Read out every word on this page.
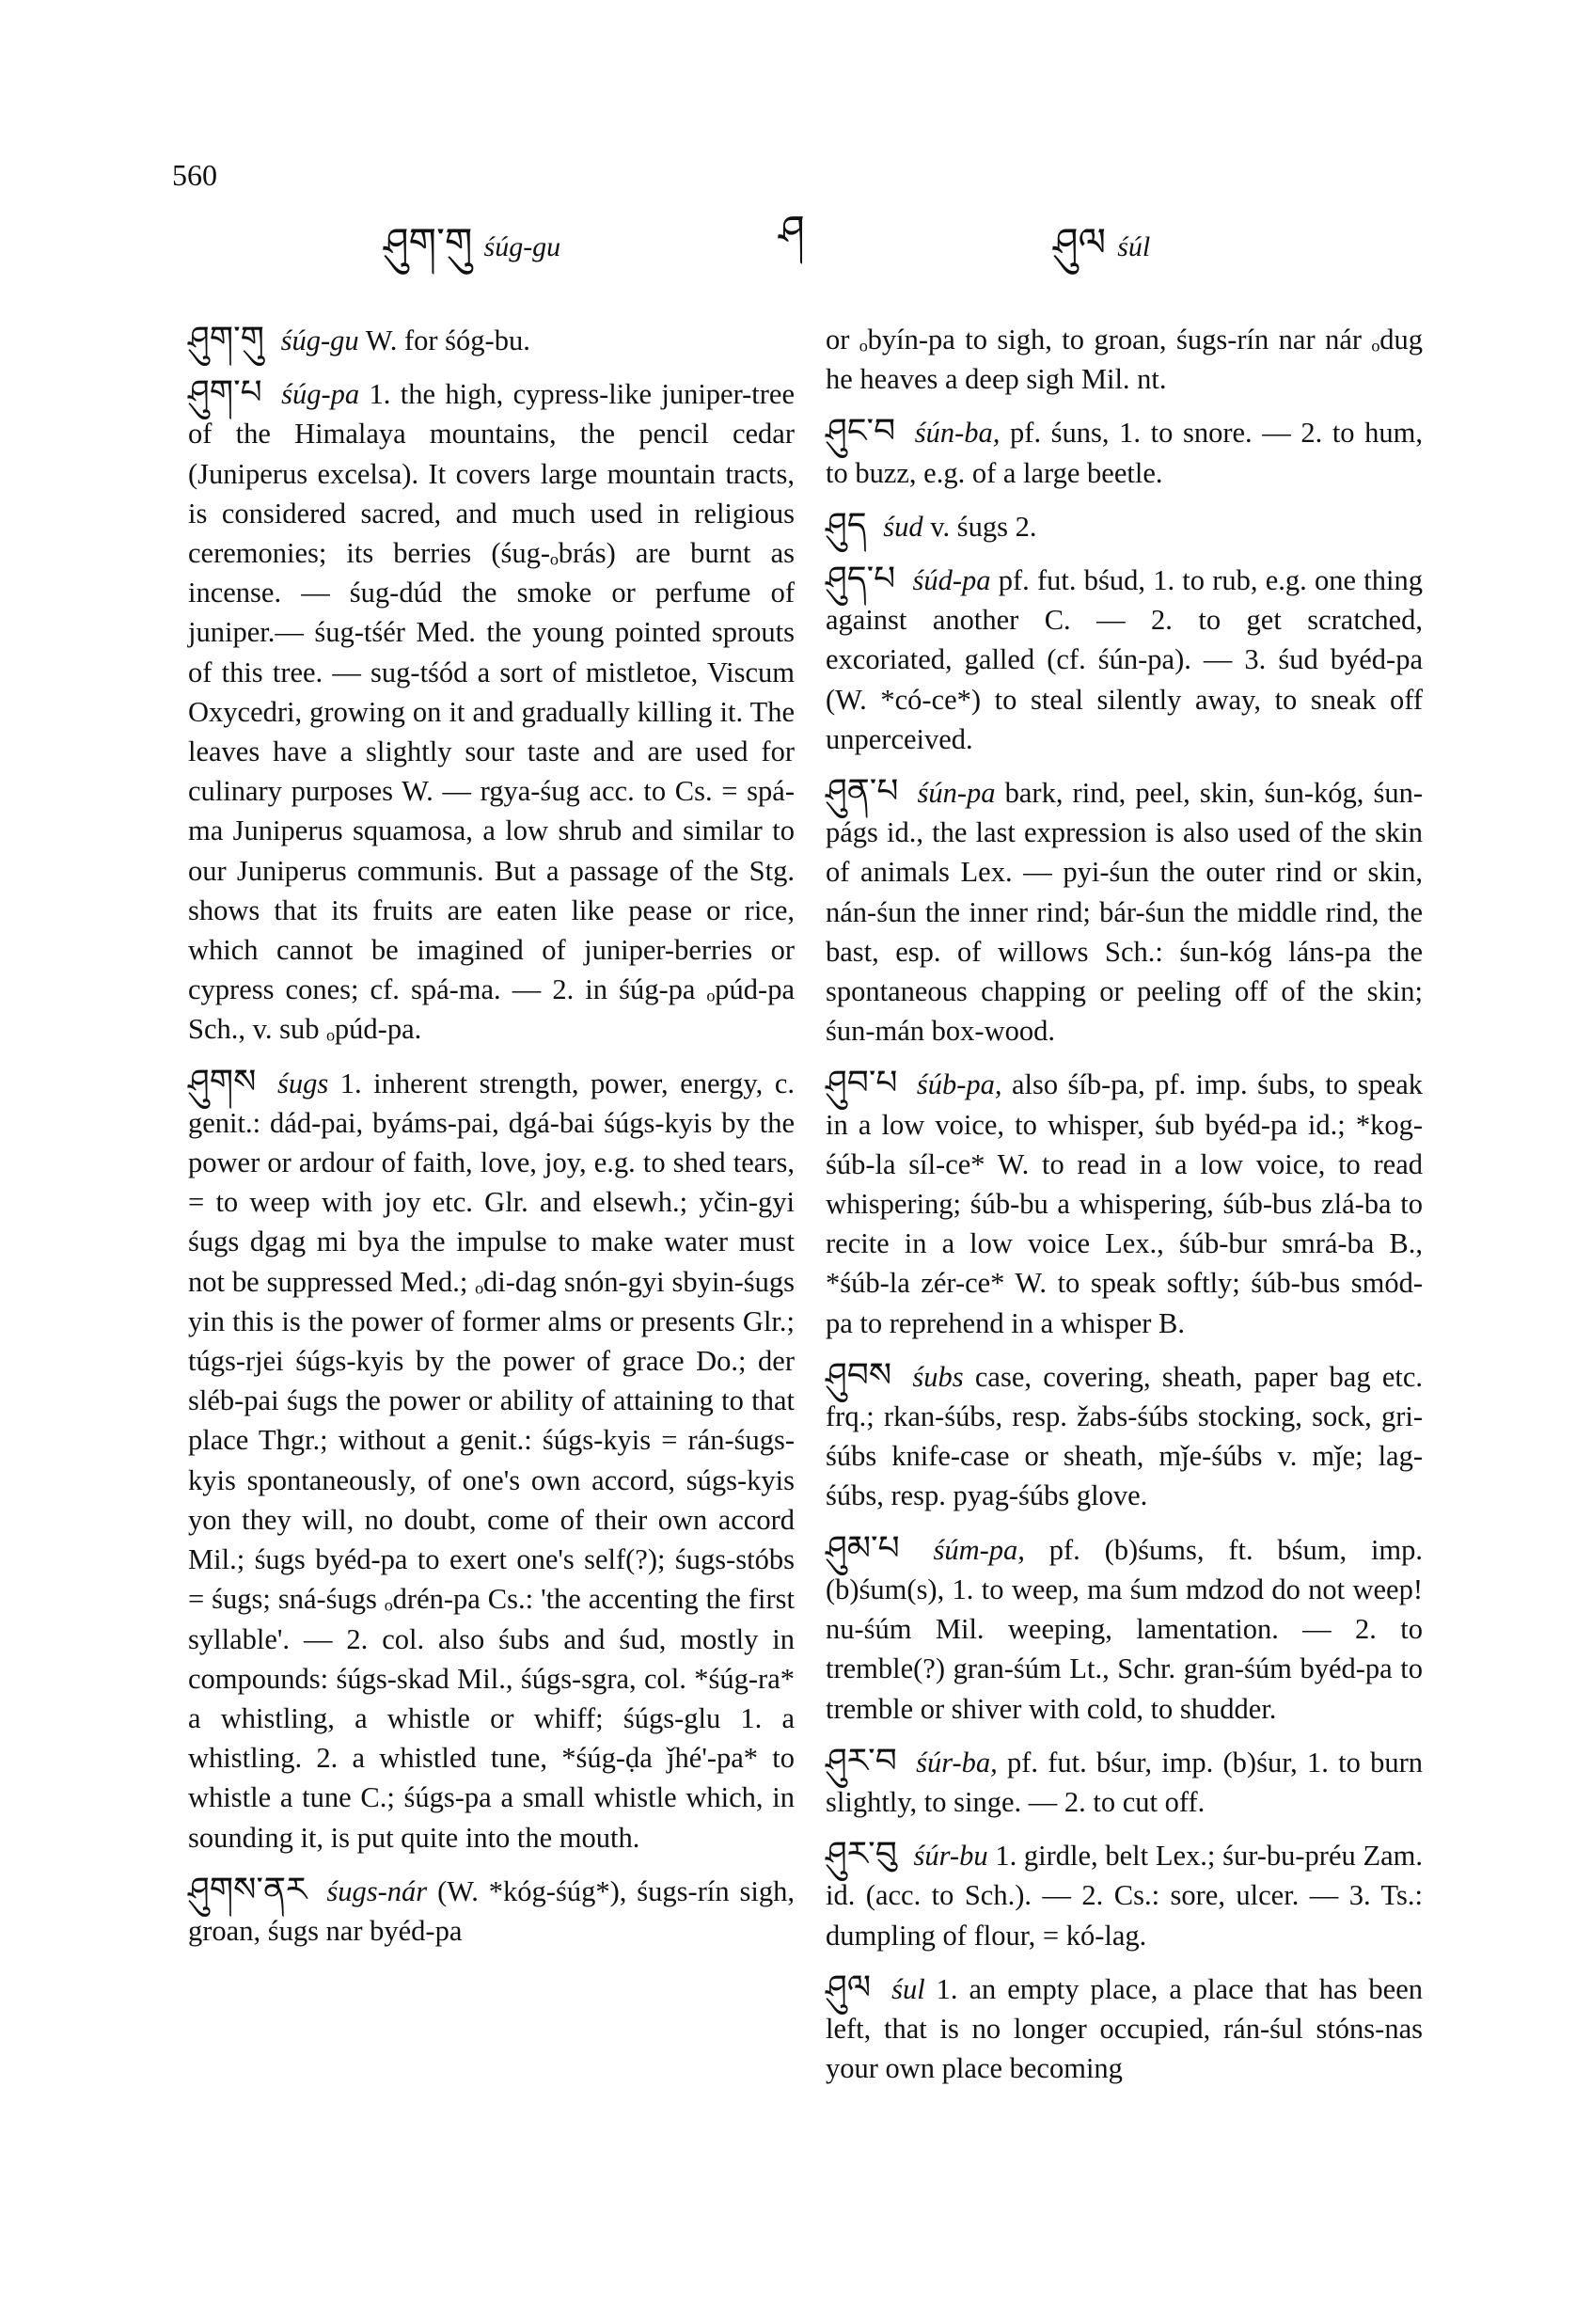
560
ཤུག་གུ śúg-gu	ཤ	ཤུལ śúl

ཤུག་གུ śúg-gu W. for śóg-bu.

ཤུག་པ śúg-pa 1. the high, cypress-like juniper-tree of the Himalaya mountains, the pencil cedar (Juniperus excelsa). It covers large mountain tracts, is considered sacred, and much used in religious ceremonies; its berries (śug-ₒbrás) are burnt as incense. — śug-dúd the smoke or perfume of juniper.— śug-tśér Med. the young pointed sprouts of this tree. — sug-tśód a sort of mistletoe, Viscum Oxycedri, growing on it and gradually killing it. The leaves have a slightly sour taste and are used for culinary purposes W. — rgya-śug acc. to Cs. = spá-ma Juniperus squamosa, a low shrub and similar to our Juniperus communis. But a passage of the Stg. shows that its fruits are eaten like pease or rice, which cannot be imagined of juniper-berries or cypress cones; cf. spá-ma. — 2. in śúg-pa ₒpúd-pa Sch., v. sub ₒpúd-pa.

ཤུགས śugs 1. inherent strength, power, energy, c. genit.: dád-pai, byáms-pai, dgá-bai śúgs-kyis by the power or ardour of faith, love, joy, e.g. to shed tears, = to weep with joy etc. Glr. and elsewh.; yčin-gyi śugs dgag mi bya the impulse to make water must not be suppressed Med.; ₒdi-dag snón-gyi sbyin-śugs yin this is the power of former alms or presents Glr.; túgs-rjei śúgs-kyis by the power of grace Do.; der sléb-pai śugs the power or ability of attaining to that place Thgr.; without a genit.: śúgs-kyis = rán-śugs-kyis spontaneously, of one's own accord, súgs-kyis yon they will, no doubt, come of their own accord Mil.; śugs byéd-pa to exert one's self(?); śugs-stóbs = śugs; sná-śugs ₒdrén-pa Cs.: 'the accenting the first syllable'. — 2. col. also śubs and śud, mostly in compounds: śúgs-skad Mil., śúgs-sgra, col. *śúg-ra* a whistling, a whistle or whiff; śúgs-glu 1. a whistling. 2. a whistled tune, *śúg-ḍa ǰhé'-pa* to whistle a tune C.; śúgs-pa a small whistle which, in sounding it, is put quite into the mouth.

ཤུགས་ནར śugs-nár (W. *kóg-śúg*), śugs-rín sigh, groan, śugs nar byéd-pa

or ₒbyín-pa to sigh, to groan, śugs-rín nar nár ₒdug he heaves a deep sigh Mil. nt.

ཤུང་བ śún-ba, pf. śuns, 1. to snore. — 2. to hum, to buzz, e.g. of a large beetle.

ཤུད śud v. śugs 2.

ཤུད་པ śúd-pa pf. fut. bśud, 1. to rub, e.g. one thing against another C. — 2. to get scratched, excoriated, galled (cf. śún-pa). — 3. śud byéd-pa (W. *có-ce*) to steal silently away, to sneak off unperceived.

ཤུན་པ śún-pa bark, rind, peel, skin, śun-kóg, śun-págs id., the last expression is also used of the skin of animals Lex. — pyi-śun the outer rind or skin, nán-śun the inner rind; bár-śun the middle rind, the bast, esp. of willows Sch.: śun-kóg láns-pa the spontaneous chapping or peeling off of the skin; śun-mán box-wood.

ཤུབ་པ śúb-pa, also śíb-pa, pf. imp. śubs, to speak in a low voice, to whisper, śub byéd-pa id.; *kog-śúb-la síl-ce* W. to read in a low voice, to read whispering; śúb-bu a whispering, śúb-bus zlá-ba to recite in a low voice Lex., śúb-bur smrá-ba B., *śúb-la zér-ce* W. to speak softly; śúb-bus smód-pa to reprehend in a whisper B.

ཤུབས śubs case, covering, sheath, paper bag etc. frq.; rkan-śúbs, resp. žabs-śúbs stocking, sock, gri-śúbs knife-case or sheath, mǰe-śúbs v. mǰe; lag-śúbs, resp. pyag-śúbs glove.

ཤུམ་པ śúm-pa, pf. (b)śums, ft. bśum, imp. (b)śum(s), 1. to weep, ma śum mdzod do not weep! nu-śúm Mil. weeping, lamentation. — 2. to tremble(?) gran-śúm Lt., Schr. gran-śúm byéd-pa to tremble or shiver with cold, to shudder.

ཤུར་བ śúr-ba, pf. fut. bśur, imp. (b)śur, 1. to burn slightly, to singe. — 2. to cut off.

ཤུར་བུ śúr-bu 1. girdle, belt Lex.; śur-bu-préu Zam. id. (acc. to Sch.). — 2. Cs.: sore, ulcer. — 3. Ts.: dumpling of flour, = kó-lag.

ཤུལ śul 1. an empty place, a place that has been left, that is no longer occupied, rán-śul stóns-nas your own place becoming
